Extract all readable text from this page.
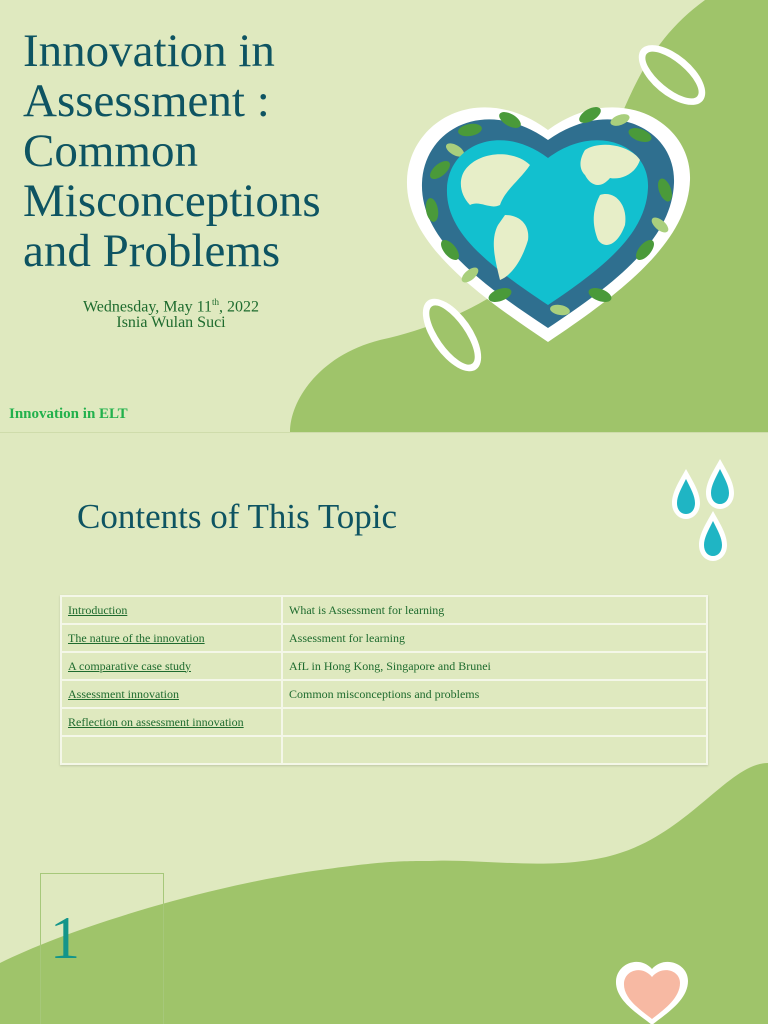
Innovation in
Assessment :
Common
Misconceptions
and Problems
Wednesday, May 11th, 2022
Isnia Wulan Suci
Innovation in ELT
Contents of This Topic
Introduction	What is Assessment for learning
The nature of the innovation	Assessment for learning
A comparative case study	AfL in Hong Kong, Singapore and Brunei
Assessment innovation	Common misconceptions and problems
Reflection on assessment innovation	

1
